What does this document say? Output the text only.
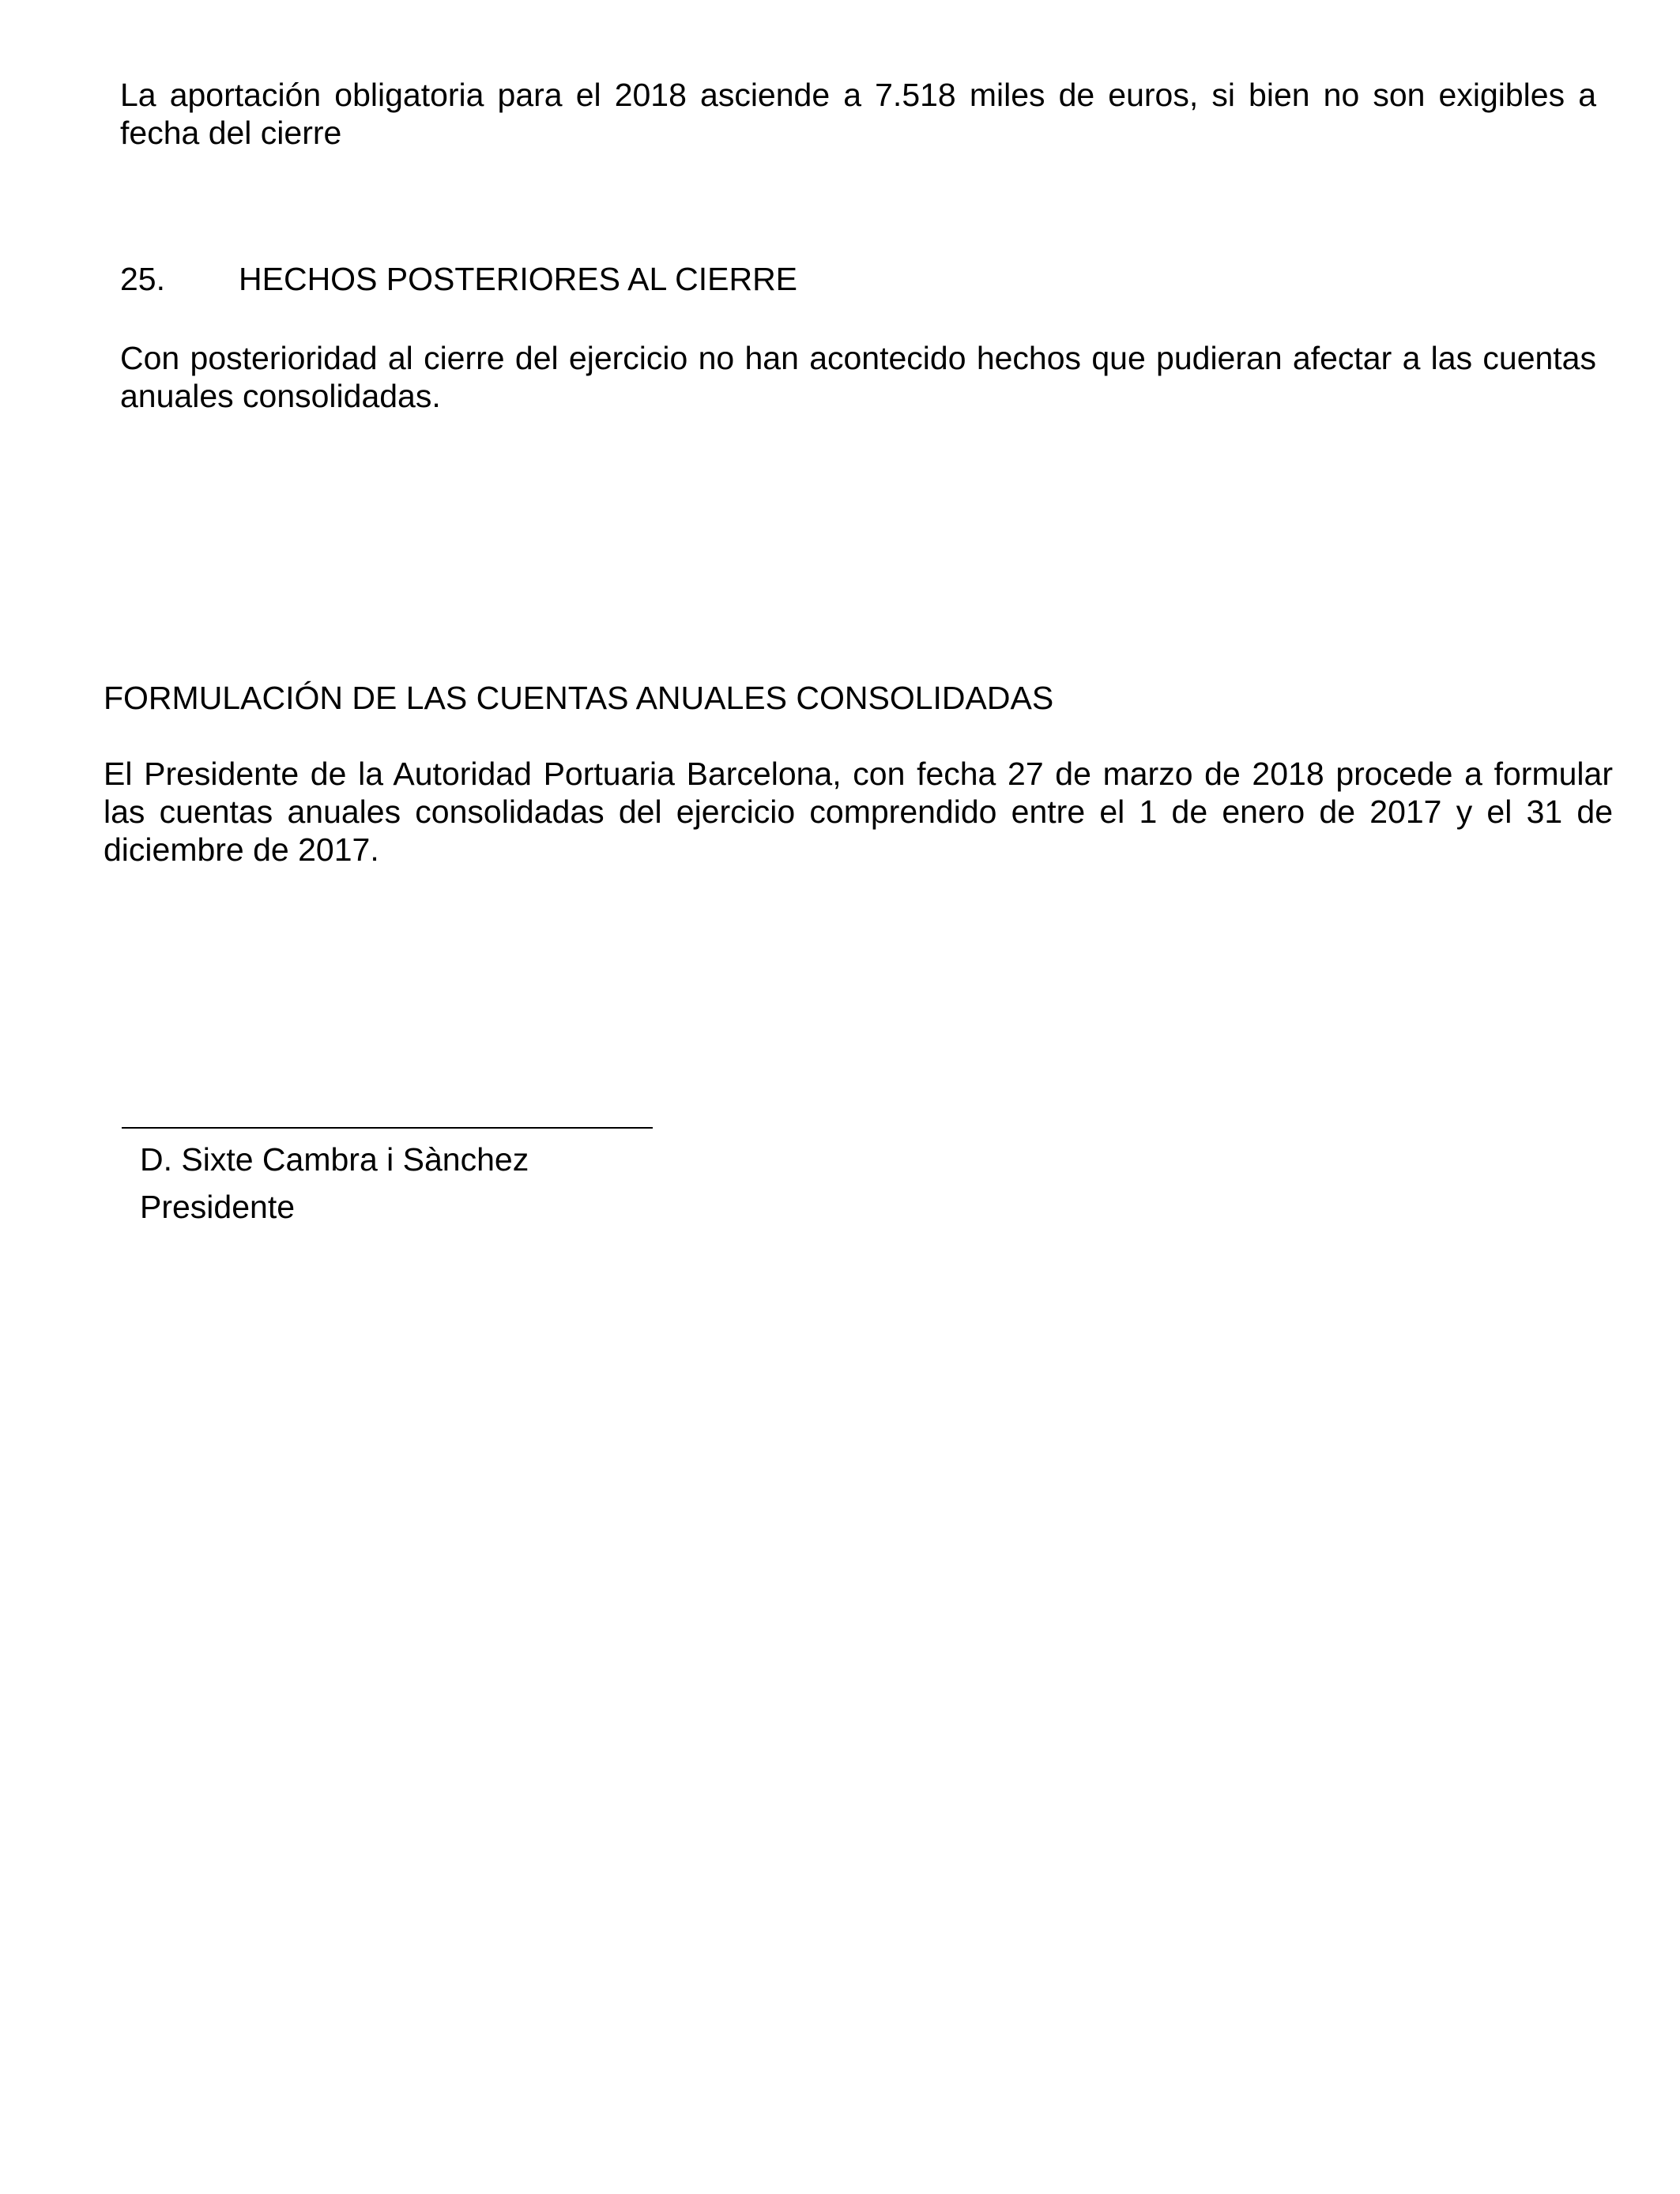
La aportación obligatoria para el 2018 asciende a 7.518 miles de euros, si bien no son exigibles a fecha del cierre

25. HECHOS POSTERIORES AL CIERRE

Con posterioridad al cierre del ejercicio no han acontecido hechos que pudieran afectar a las cuentas anuales consolidadas.

FORMULACIÓN DE LAS CUENTAS ANUALES CONSOLIDADAS

El Presidente de la Autoridad Portuaria Barcelona, con fecha 27 de marzo de 2018 procede a formular las cuentas anuales consolidadas del ejercicio comprendido entre el 1 de enero de 2017 y el 31 de diciembre de 2017.

D. Sixte Cambra i Sànchez
Presidente
